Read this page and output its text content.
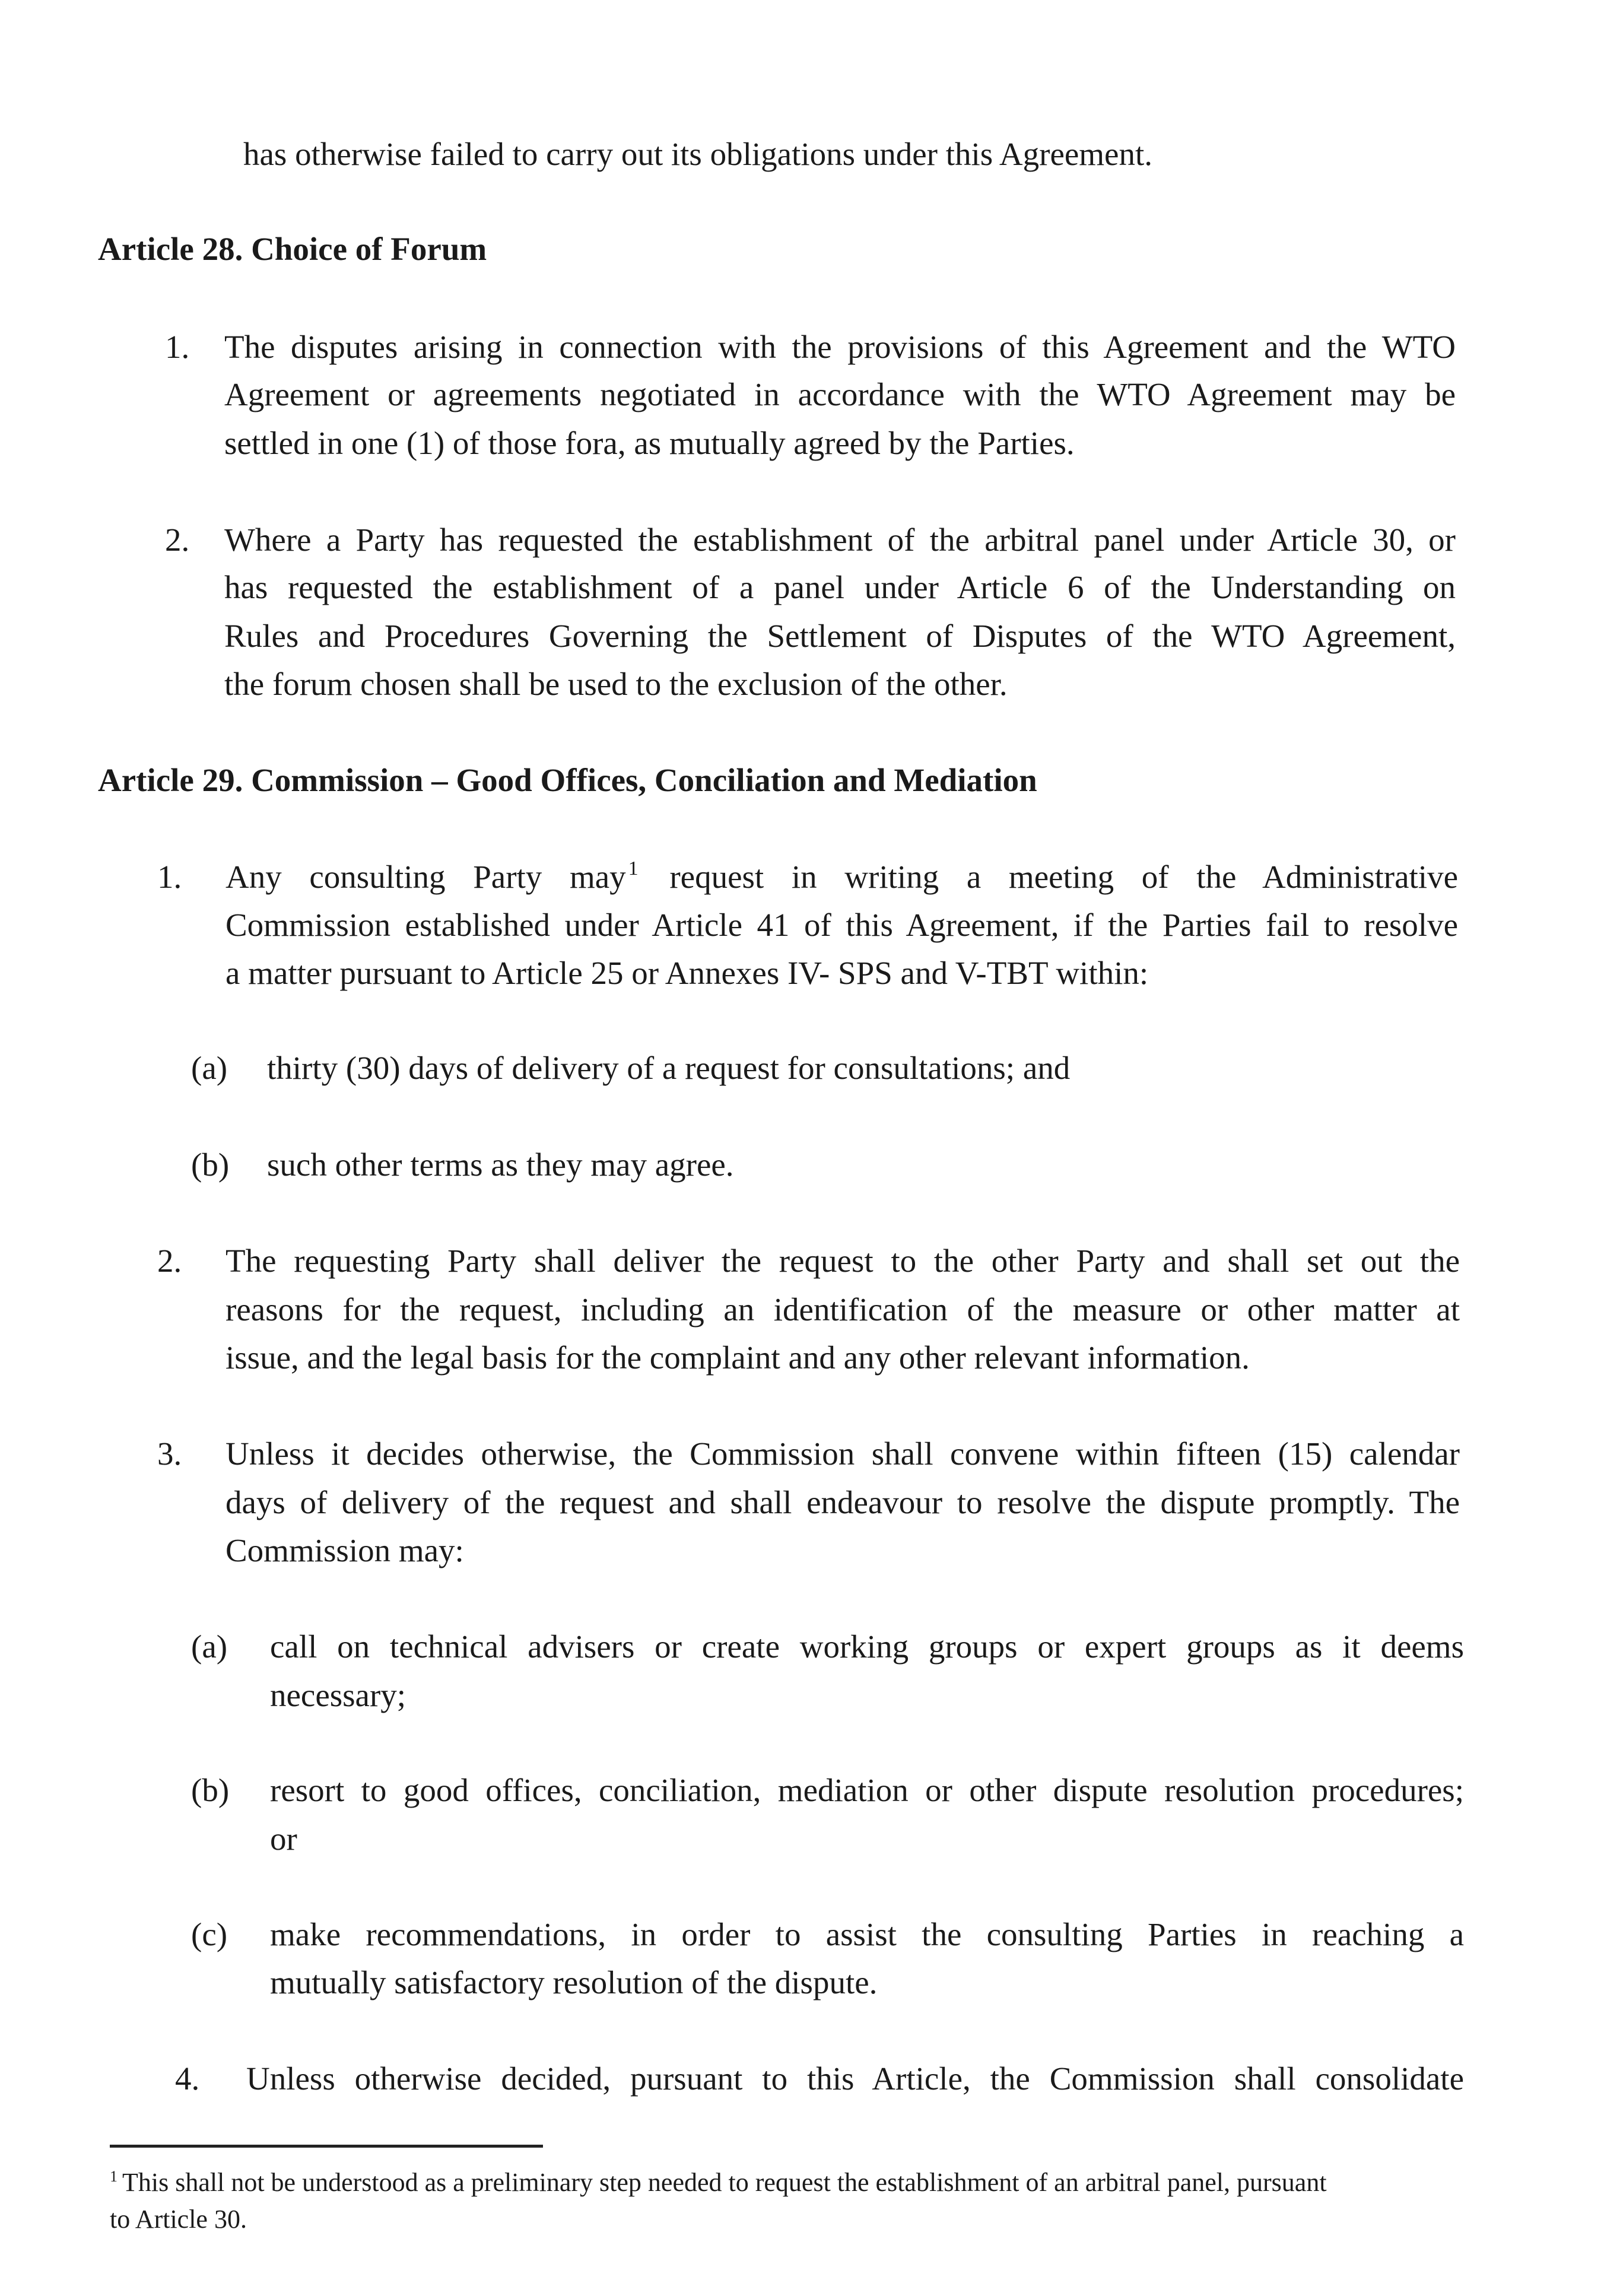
has otherwise failed to carry out its obligations under this Agreement.
Article 28. Choice of Forum
1. The disputes arising in connection with the provisions of this Agreement and the WTO
Agreement or agreements negotiated in accordance with the WTO Agreement may be
settled in one (1) of those fora, as mutually agreed by the Parties.
2. Where a Party has requested the establishment of the arbitral panel under Article 30, or
has requested the establishment of a panel under Article 6 of the Understanding on
Rules and Procedures Governing the Settlement of Disputes of the WTO Agreement,
the forum chosen shall be used to the exclusion of the other.
Article 29. Commission – Good Offices, Conciliation and Mediation
1. Any consulting Party may $^1$ request in writing a meeting of the Administrative
Commission established under Article 41 of this Agreement, if the Parties fail to resolve
a matter pursuant to Article 25 or Annexes IV- SPS and V-TBT within:
(a) thirty (30) days of delivery of a request for consultations; and
(b) such other terms as they may agree.
2. The requesting Party shall deliver the request to the other Party and shall set out the
reasons for the request, including an identification of the measure or other matter at
issue, and the legal basis for the complaint and any other relevant information.
3. Unless it decides otherwise, the Commission shall convene within fifteen (15) calendar
days of delivery of the request and shall endeavour to resolve the dispute promptly. The
Commission may:
(a) call on technical advisers or create working groups or expert groups as it deems
necessary;
(b) resort to good offices, conciliation, mediation or other dispute resolution procedures;
or
(c) make recommendations, in order to assist the consulting Parties in reaching a
mutually satisfactory resolution of the dispute.
4. Unless otherwise decided, pursuant to this Article, the Commission shall consolidate
$^1$ This shall not be understood as a preliminary step needed to request the establishment of an arbitral panel, pursuant
to Article 30.
